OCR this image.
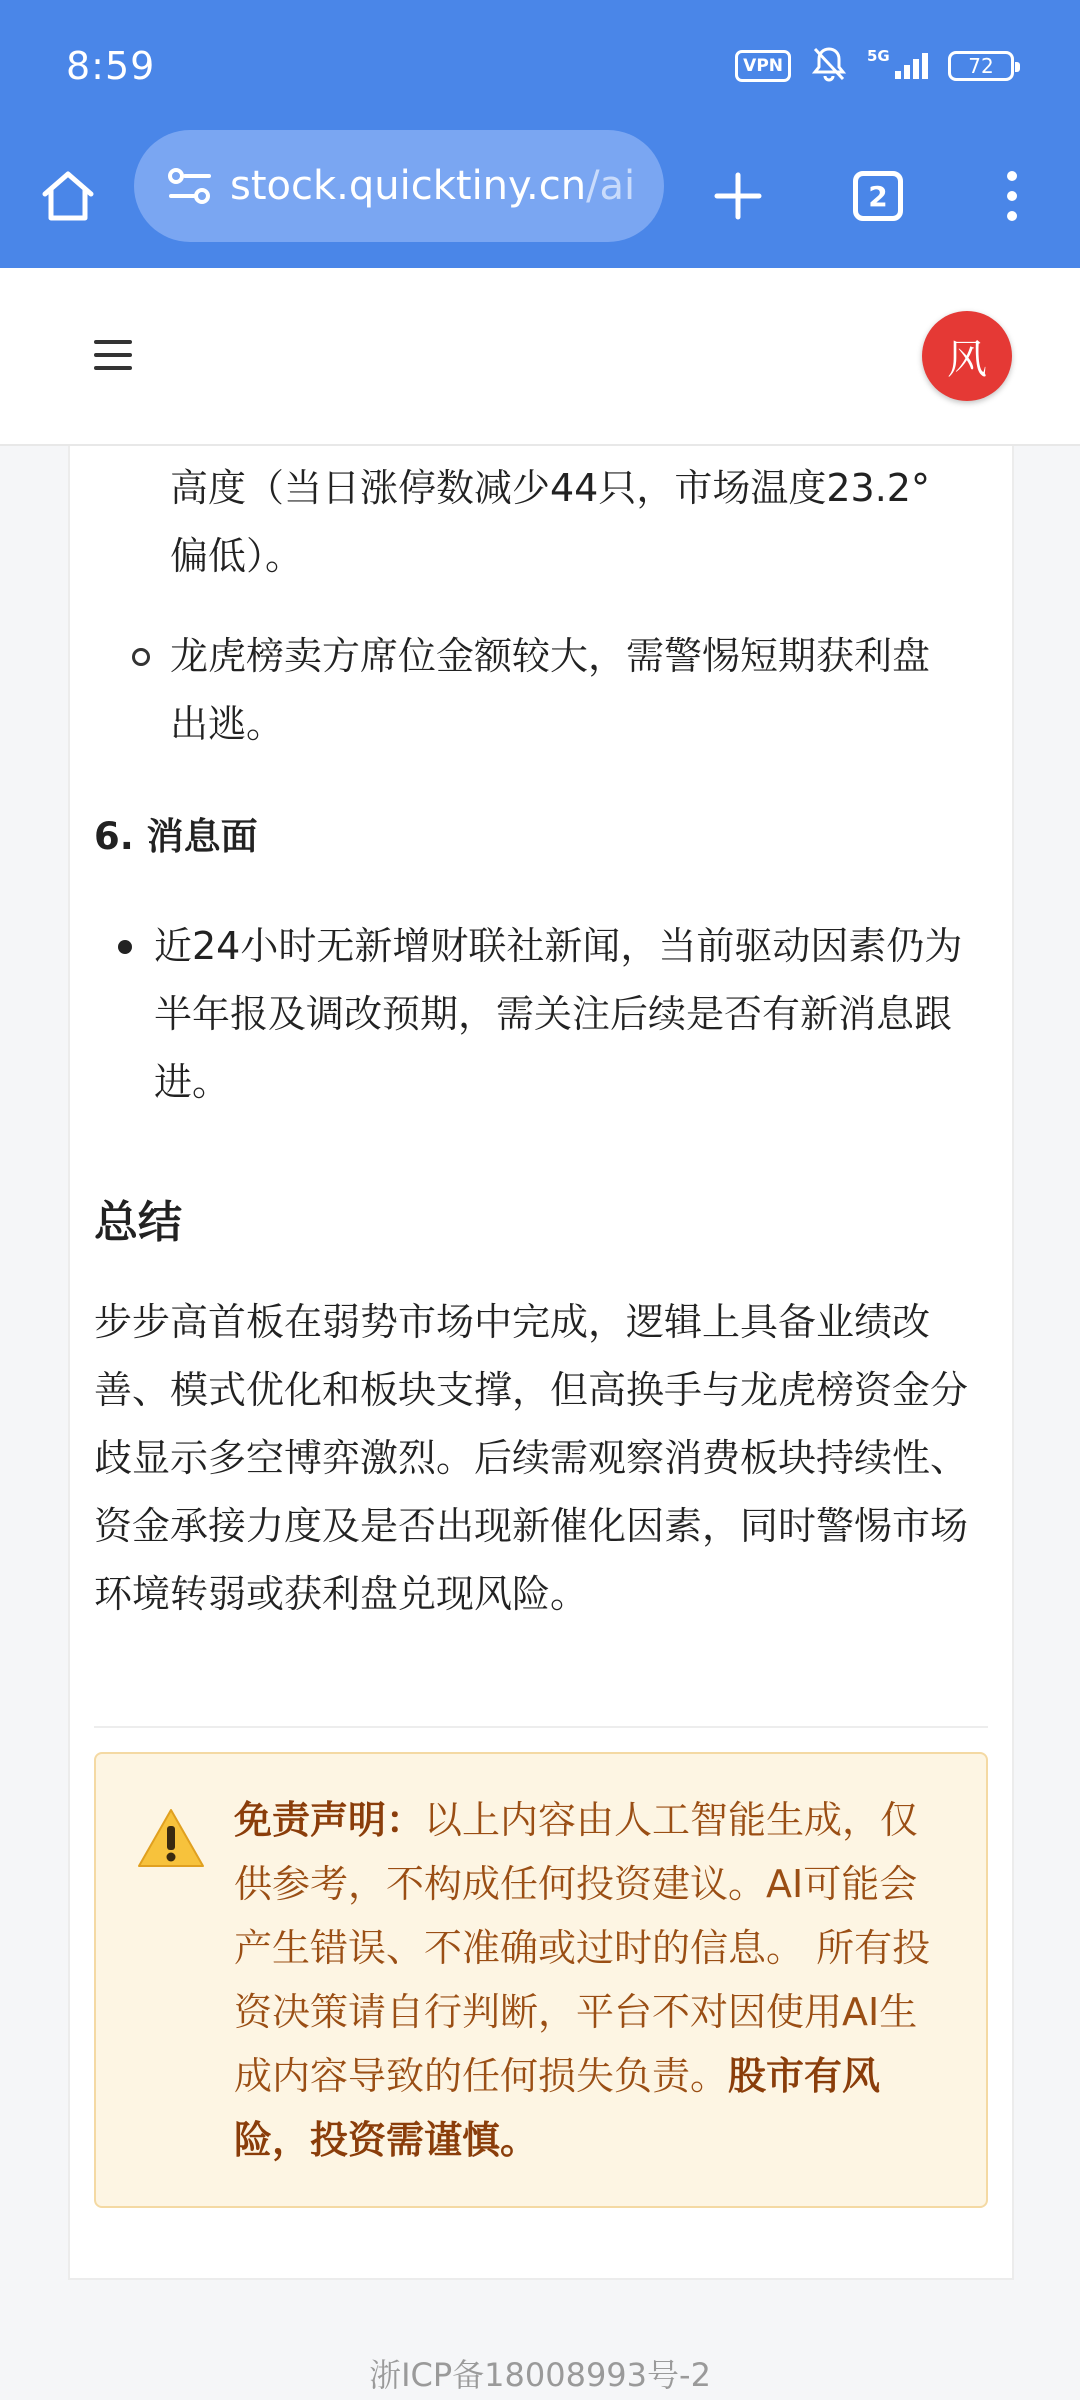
8:59	VPN	5G	72
stock.quicktiny.cn/ai	2
风
高度（当日涨停数减少44只，市场温度23.2°偏低）。
龙虎榜卖方席位金额较大，需警惕短期获利盘出逃。
6. 消息面
近24小时无新增财联社新闻，当前驱动因素仍为半年报及调改预期，需关注后续是否有新消息跟进。
总结
步步高首板在弱势市场中完成，逻辑上具备业绩改善、模式优化和板块支撑，但高换手与龙虎榜资金分歧显示多空博弈激烈。后续需观察消费板块持续性、资金承接力度及是否出现新催化因素，同时警惕市场环境转弱或获利盘兑现风险。
免责声明：以上内容由人工智能生成，仅供参考，不构成任何投资建议。AI可能会产生错误、不准确或过时的信息。 所有投资决策请自行判断，平台不对因使用AI生成内容导致的任何损失负责。股市有风险，投资需谨慎。
浙ICP备18008993号-2
